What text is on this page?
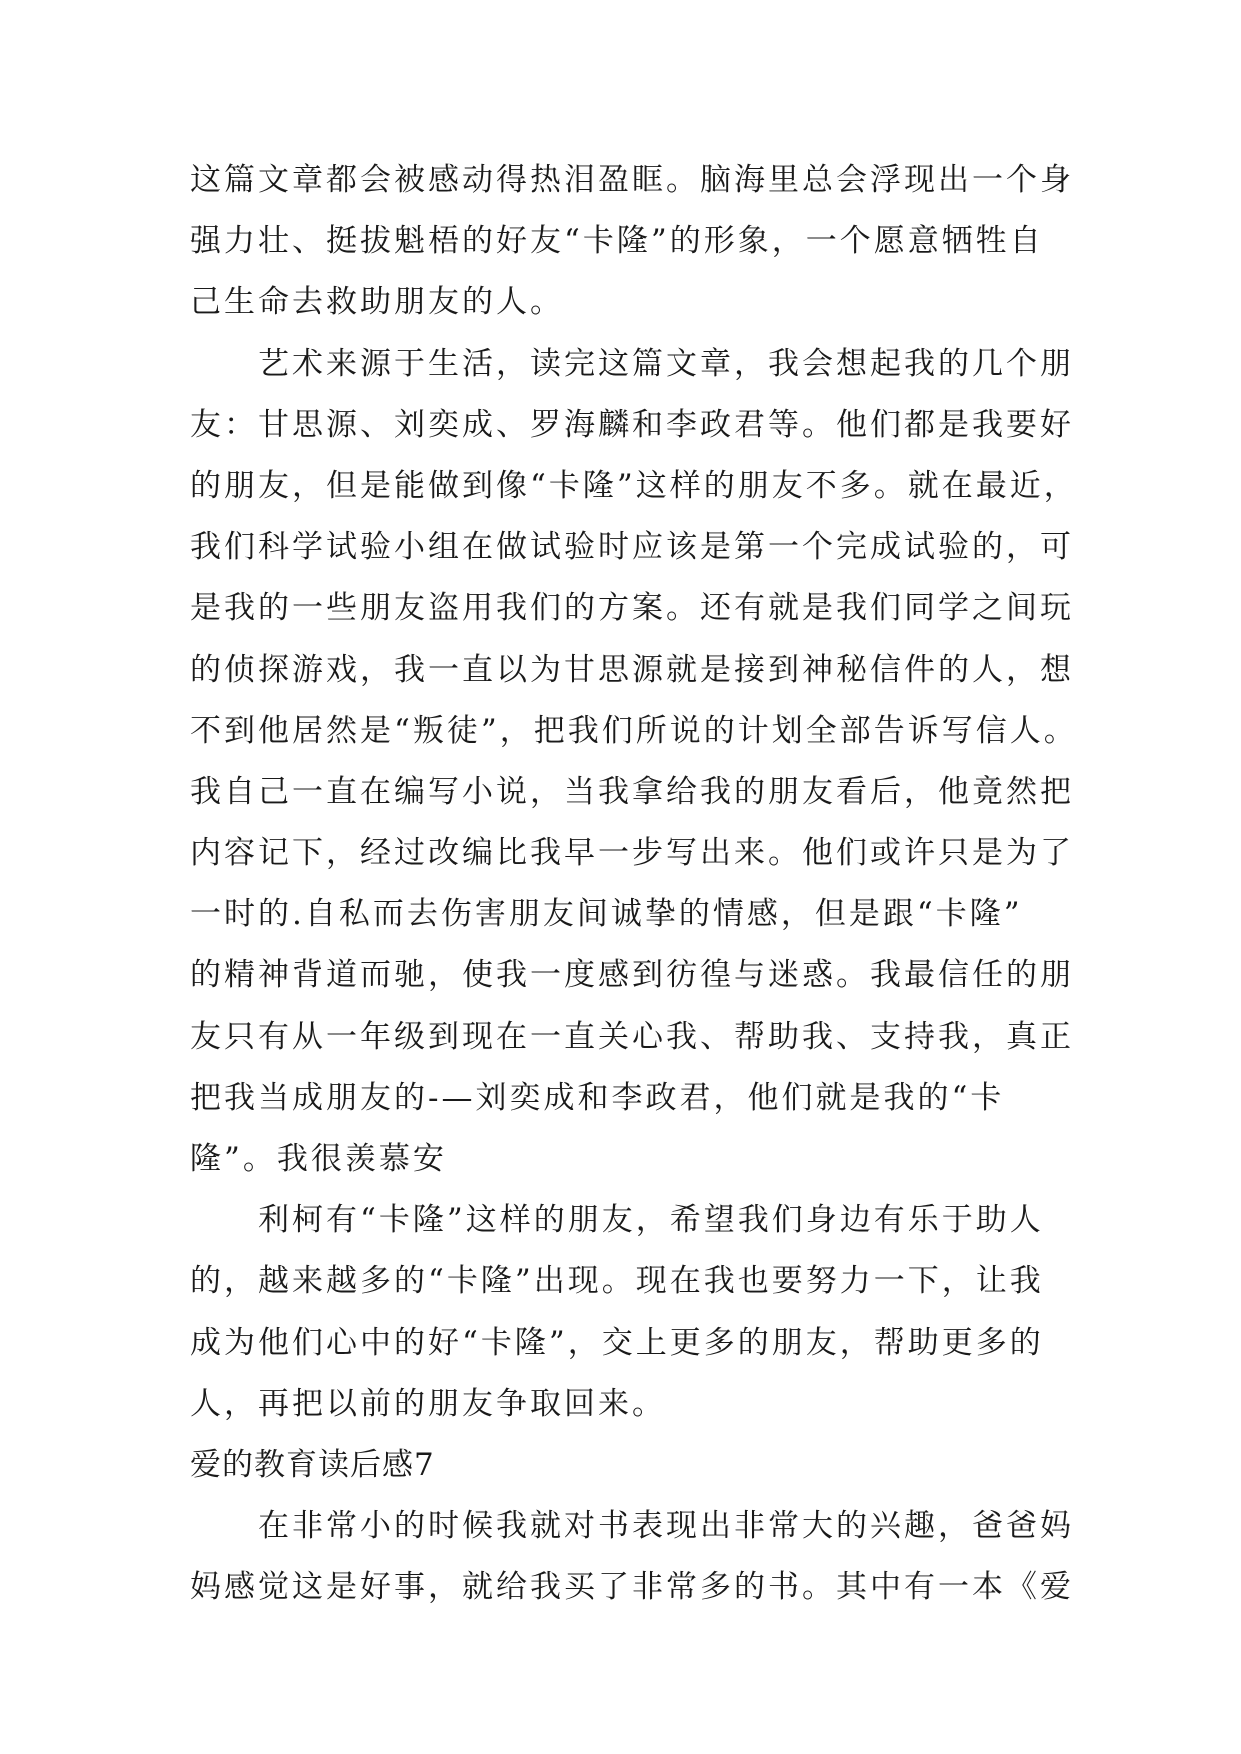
这篇文章都会被感动得热泪盈眶。脑海里总会浮现出一个身
强力壮、挺拔魁梧的好友“卡隆”的形象，一个愿意牺牲自
己生命去救助朋友的人。
　　艺术来源于生活，读完这篇文章，我会想起我的几个朋
友：甘思源、刘奕成、罗海麟和李政君等。他们都是我要好
的朋友，但是能做到像“卡隆”这样的朋友不多。就在最近，
我们科学试验小组在做试验时应该是第一个完成试验的，可
是我的一些朋友盗用我们的方案。还有就是我们同学之间玩
的侦探游戏，我一直以为甘思源就是接到神秘信件的人，想
不到他居然是“叛徒”，把我们所说的计划全部告诉写信人。
我自己一直在编写小说，当我拿给我的朋友看后，他竟然把
内容记下，经过改编比我早一步写出来。他们或许只是为了
一时的.自私而去伤害朋友间诚挚的情感，但是跟“卡隆”
的精神背道而驰，使我一度感到彷徨与迷惑。我最信任的朋
友只有从一年级到现在一直关心我、帮助我、支持我，真正
把我当成朋友的-—刘奕成和李政君，他们就是我的“卡
隆”。我很羡慕安
　　利柯有“卡隆”这样的朋友，希望我们身边有乐于助人
的，越来越多的“卡隆”出现。现在我也要努力一下，让我
成为他们心中的好“卡隆”，交上更多的朋友，帮助更多的
人，再把以前的朋友争取回来。
爱的教育读后感7
　　在非常小的时候我就对书表现出非常大的兴趣，爸爸妈
妈感觉这是好事，就给我买了非常多的书。其中有一本《爱
